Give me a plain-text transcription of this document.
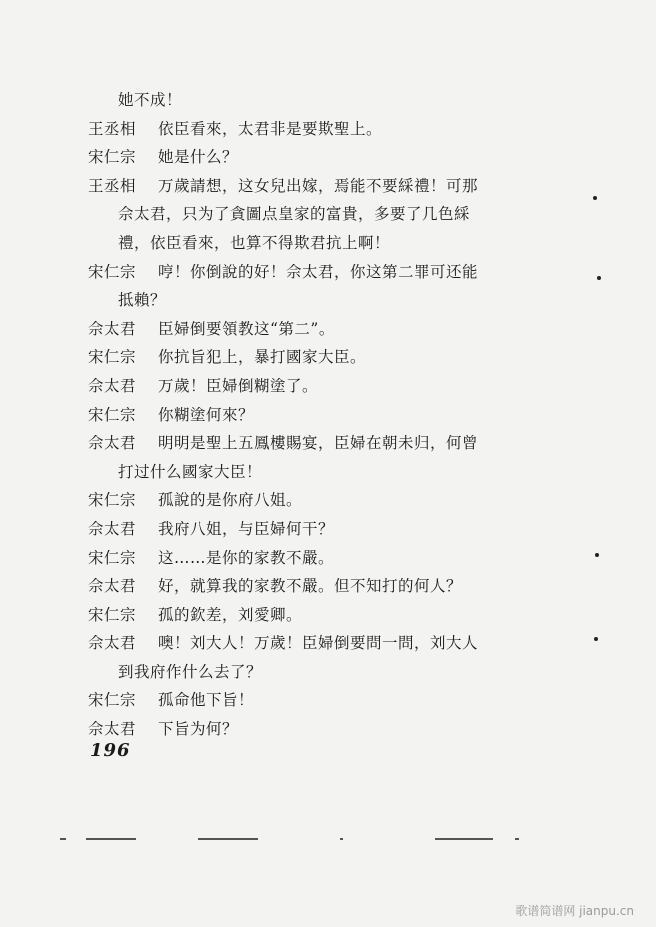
她不成！
王丞相 依臣看來，太君非是要欺聖上。
宋仁宗 她是什么？
王丞相 万歲請想，这女兒出嫁，焉能不要綵禮！可那
佘太君，只为了貪圖点皇家的富貴，多要了几色綵
禮，依臣看來，也算不得欺君抗上啊！
宋仁宗 哼！你倒說的好！佘太君，你这第二罪可还能
抵賴？
佘太君 臣婦倒要領教这“第二”。
宋仁宗 你抗旨犯上，暴打國家大臣。
佘太君 万歲！臣婦倒糊塗了。
宋仁宗 你糊塗何來？
佘太君 明明是聖上五鳳樓賜宴，臣婦在朝未归，何曾
打过什么國家大臣！
宋仁宗 孤說的是你府八姐。
佘太君 我府八姐，与臣婦何干？
宋仁宗 这……是你的家教不嚴。
佘太君 好，就算我的家教不嚴。但不知打的何人？
宋仁宗 孤的欽差，刘愛卿。
佘太君 噢！刘大人！万歲！臣婦倒要問一問，刘大人
到我府作什么去了？
宋仁宗 孤命他下旨！
佘太君 下旨为何？
196
歌谱简谱网 jianpu.cn
